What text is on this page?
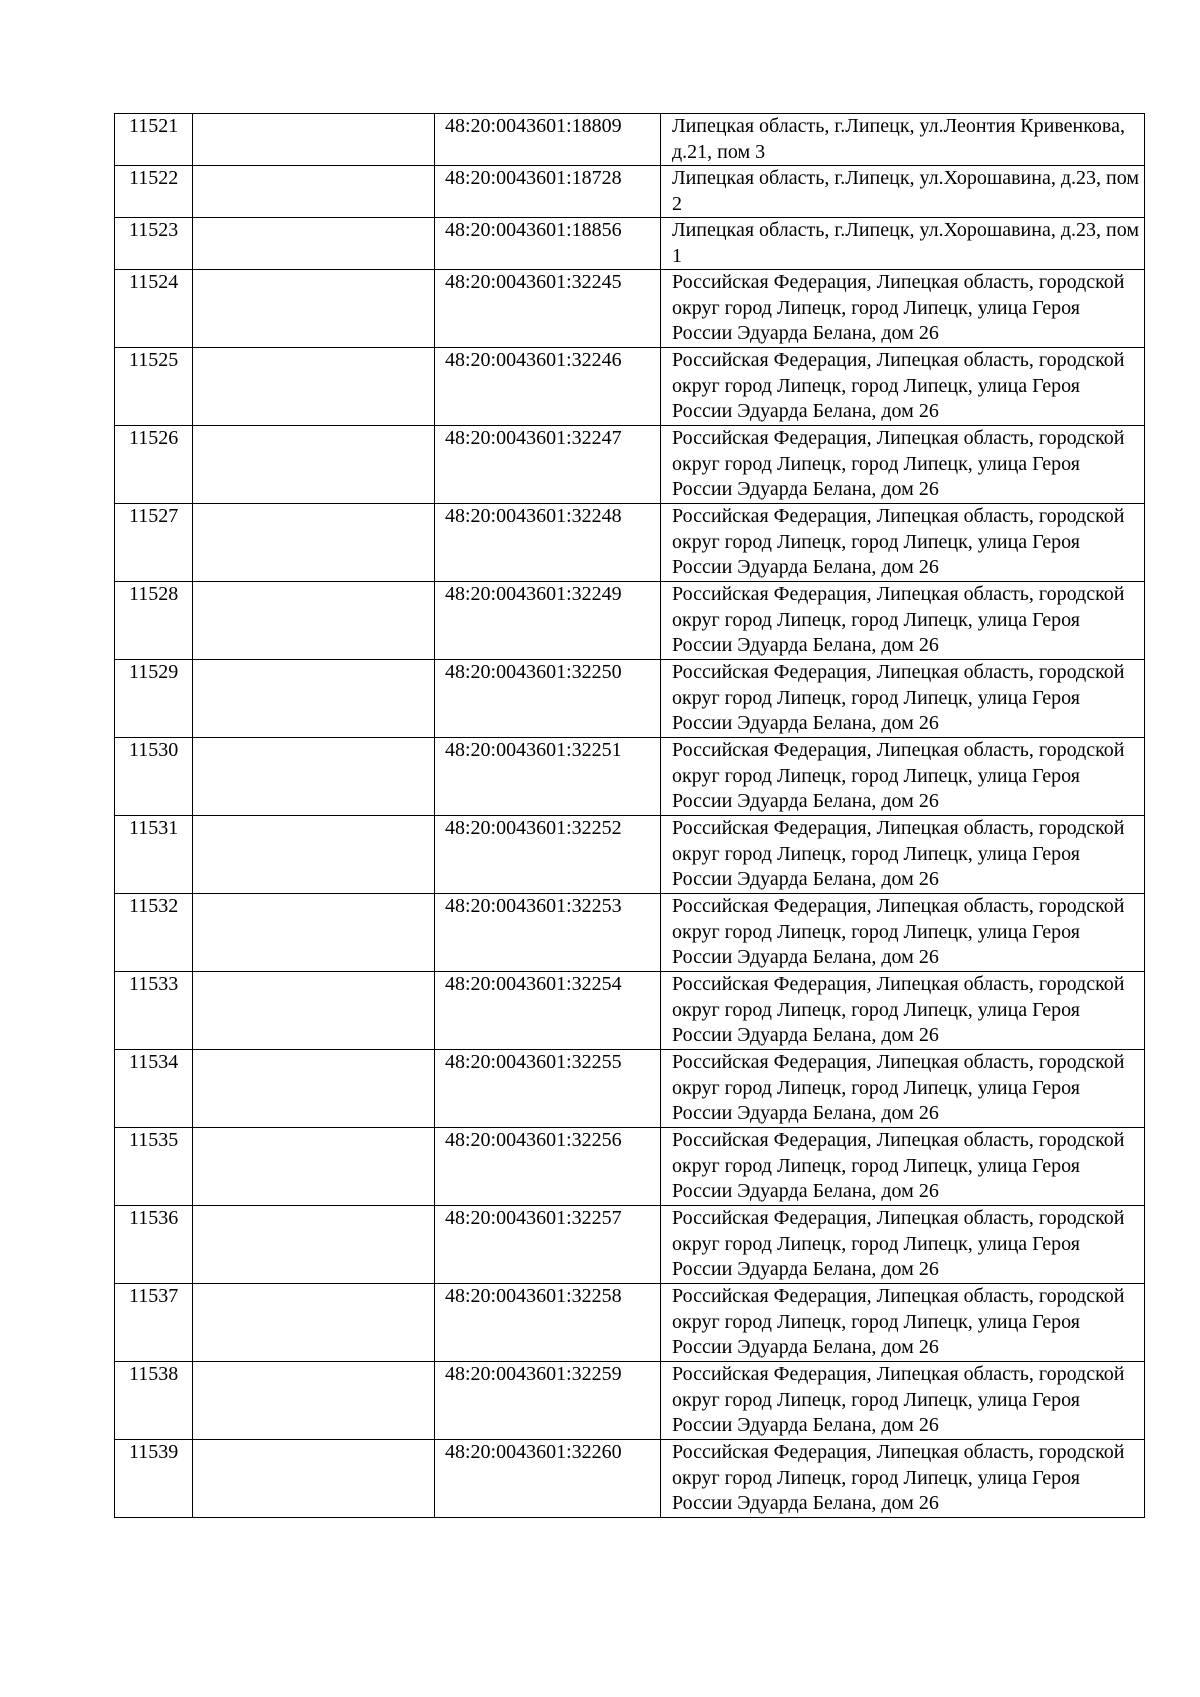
11521		48:20:0043601:18809	Липецкая область, г.Липецк, ул.Леонтия Кривенкова, д.21, пом 3
11522		48:20:0043601:18728	Липецкая область, г.Липецк, ул.Хорошавина, д.23, пом 2
11523		48:20:0043601:18856	Липецкая область, г.Липецк, ул.Хорошавина, д.23, пом 1
11524		48:20:0043601:32245	Российская Федерация, Липецкая область, городской округ город Липецк, город Липецк, улица Героя России Эдуарда Белана, дом 26
11525		48:20:0043601:32246	Российская Федерация, Липецкая область, городской округ город Липецк, город Липецк, улица Героя России Эдуарда Белана, дом 26
11526		48:20:0043601:32247	Российская Федерация, Липецкая область, городской округ город Липецк, город Липецк, улица Героя России Эдуарда Белана, дом 26
11527		48:20:0043601:32248	Российская Федерация, Липецкая область, городской округ город Липецк, город Липецк, улица Героя России Эдуарда Белана, дом 26
11528		48:20:0043601:32249	Российская Федерация, Липецкая область, городской округ город Липецк, город Липецк, улица Героя России Эдуарда Белана, дом 26
11529		48:20:0043601:32250	Российская Федерация, Липецкая область, городской округ город Липецк, город Липецк, улица Героя России Эдуарда Белана, дом 26
11530		48:20:0043601:32251	Российская Федерация, Липецкая область, городской округ город Липецк, город Липецк, улица Героя России Эдуарда Белана, дом 26
11531		48:20:0043601:32252	Российская Федерация, Липецкая область, городской округ город Липецк, город Липецк, улица Героя России Эдуарда Белана, дом 26
11532		48:20:0043601:32253	Российская Федерация, Липецкая область, городской округ город Липецк, город Липецк, улица Героя России Эдуарда Белана, дом 26
11533		48:20:0043601:32254	Российская Федерация, Липецкая область, городской округ город Липецк, город Липецк, улица Героя России Эдуарда Белана, дом 26
11534		48:20:0043601:32255	Российская Федерация, Липецкая область, городской округ город Липецк, город Липецк, улица Героя России Эдуарда Белана, дом 26
11535		48:20:0043601:32256	Российская Федерация, Липецкая область, городской округ город Липецк, город Липецк, улица Героя России Эдуарда Белана, дом 26
11536		48:20:0043601:32257	Российская Федерация, Липецкая область, городской округ город Липецк, город Липецк, улица Героя России Эдуарда Белана, дом 26
11537		48:20:0043601:32258	Российская Федерация, Липецкая область, городской округ город Липецк, город Липецк, улица Героя России Эдуарда Белана, дом 26
11538		48:20:0043601:32259	Российская Федерация, Липецкая область, городской округ город Липецк, город Липецк, улица Героя России Эдуарда Белана, дом 26
11539		48:20:0043601:32260	Российская Федерация, Липецкая область, городской округ город Липецк, город Липецк, улица Героя России Эдуарда Белана, дом 26
